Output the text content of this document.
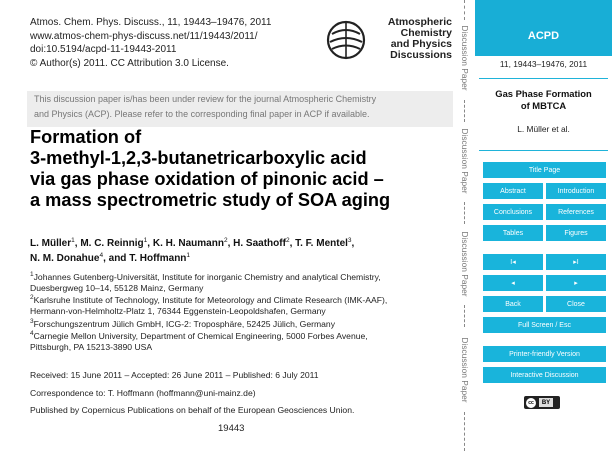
Atmos. Chem. Phys. Discuss., 11, 19443–19476, 2011
www.atmos-chem-phys-discuss.net/11/19443/2011/
doi:10.5194/acpd-11-19443-2011
© Author(s) 2011. CC Attribution 3.0 License.
Atmospheric
Chemistry
and Physics
Discussions
This discussion paper is/has been under review for the journal Atmospheric Chemistry
and Physics (ACP). Please refer to the corresponding final paper in ACP if available.
Formation of
3-methyl-1,2,3-butanetricarboxylic acid
via gas phase oxidation of pinonic acid –
a mass spectrometric study of SOA aging
L. Müller$^1$, M. C. Reinnig$^1$, K. H. Naumann$^2$, H. Saathoff$^2$, T. F. Mentel$^3$,
N. M. Donahue$^4$, and T. Hoffmann$^1$
$^1$Johannes Gutenberg-Universität, Institute for inorganic Chemistry and analytical Chemistry,
Duesbergweg 10–14, 55128 Mainz, Germany
$^2$Karlsruhe Institute of Technology, Institute for Meteorology and Climate Research (IMK-AAF),
Hermann-von-Helmholtz-Platz 1, 76344 Eggenstein-Leopoldshafen, Germany
$^3$Forschungszentrum Jülich GmbH, ICG-2: Troposphäre, 52425 Jülich, Germany
$^4$Carnegie Mellon University, Department of Chemical Engineering, 5000 Forbes Avenue,
Pittsburgh, PA 15213-3890 USA
Received: 15 June 2011 – Accepted: 26 June 2011 – Published: 6 July 2011
Correspondence to: T. Hoffmann (hoffmann@uni-mainz.de)
Published by Copernicus Publications on behalf of the European Geosciences Union.
19443
Discussion Paper
Discussion Paper
Discussion Paper
Discussion Paper
ACPD
11, 19443–19476, 2011
Gas Phase Formation
of MBTCA
L. Müller et al.
Title Page
Abstract	Introduction
Conclusions	References
Tables	Figures
I◂	▸I
◂	▸
Back	Close
Full Screen / Esc
Printer-friendly Version
Interactive Discussion
cc	BY
